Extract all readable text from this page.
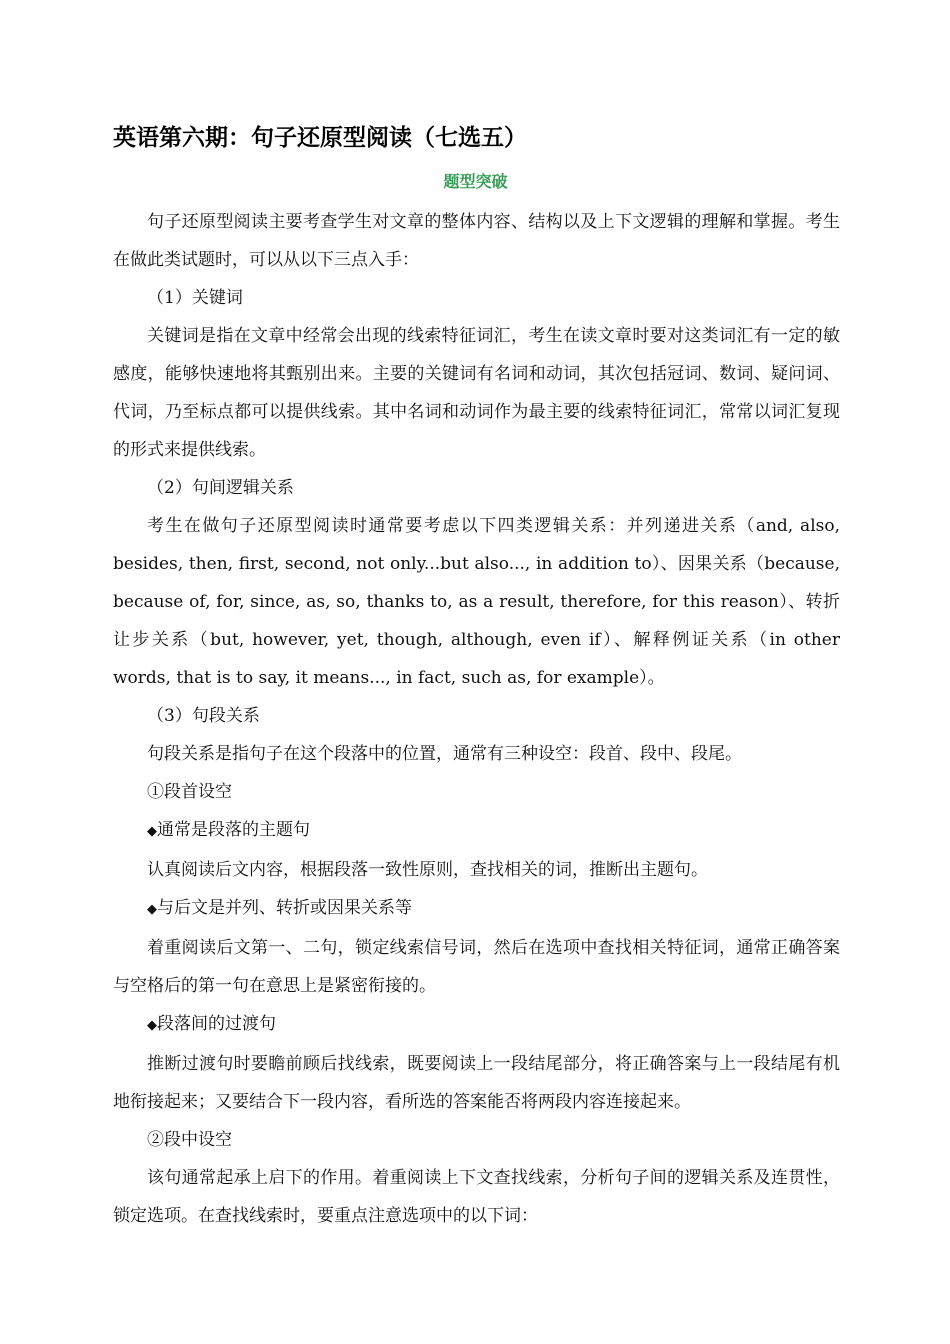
英语第六期：句子还原型阅读（七选五）
题型突破

句子还原型阅读主要考查学生对文章的整体内容、结构以及上下文逻辑的理解和掌握。考生在做此类试题时，可以从以下三点入手：

（1）关键词

关键词是指在文章中经常会出现的线索特征词汇，考生在读文章时要对这类词汇有一定的敏感度，能够快速地将其甄别出来。主要的关键词有名词和动词，其次包括冠词、数词、疑问词、代词，乃至标点都可以提供线索。其中名词和动词作为最主要的线索特征词汇，常常以词汇复现的形式来提供线索。

（2）句间逻辑关系

考生在做句子还原型阅读时通常要考虑以下四类逻辑关系：并列递进关系（and, also, besides, then, first, second, not only...but also..., in addition to）、因果关系（because, because of, for, since, as, so, thanks to, as a result, therefore, for this reason）、转折让步关系（but, however, yet, though, although, even if）、解释例证关系（in other words, that is to say, it means..., in fact, such as, for example）。

（3）句段关系

句段关系是指句子在这个段落中的位置，通常有三种设空：段首、段中、段尾。

①段首设空

◆通常是段落的主题句

认真阅读后文内容，根据段落一致性原则，查找相关的词，推断出主题句。

◆与后文是并列、转折或因果关系等

着重阅读后文第一、二句，锁定线索信号词，然后在选项中查找相关特征词，通常正确答案与空格后的第一句在意思上是紧密衔接的。

◆段落间的过渡句

推断过渡句时要瞻前顾后找线索，既要阅读上一段结尾部分，将正确答案与上一段结尾有机地衔接起来；又要结合下一段内容，看所选的答案能否将两段内容连接起来。

②段中设空

该句通常起承上启下的作用。着重阅读上下文查找线索，分析句子间的逻辑关系及连贯性，锁定选项。在查找线索时，要重点注意选项中的以下词：
